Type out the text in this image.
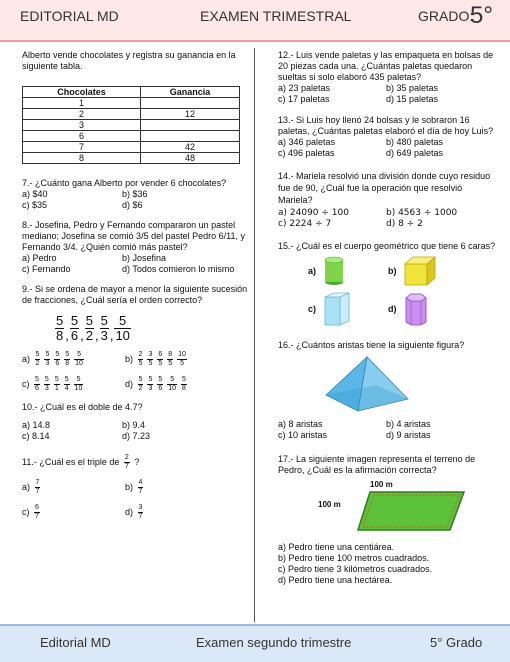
EDITORIAL MD	EXAMEN TRIMESTRAL	GRADO:
5°

Alberto vende chocolates y registra su ganancia en la siguiente tabla.

Chocolates	Ganancia
1	
2	12
3	
6	
7	42
8	48

7.- ¿Cuánto gana Alberto por vender 6 chocolates?

a) $40	b) $36
c) $35	d) $6

8.- Josefina, Pedro y Fernando compararon un pastel mediano; Josefina se comió 3/5 del pastel Pedro 6/11, y Fernando 3/4. ¿Quién comió más pastel?

a) Pedro	b) Josefina
c) Fernando	d) Todos comieron lo mismo

9.- Si se ordena de mayor a menor la siguiente sucesión de fracciones, ¿Cuál sería el orden correcto?

$\frac{5}{8}$ , $\frac{5}{6}$ , $\frac{5}{2}$ , $\frac{5}{3}$ , $\frac{5}{10}$
$a) \frac{5}{2} \frac{5}{3} \frac{5}{6} \frac{5}{8} \frac{5}{10}$	$b) \frac{2}{5} \frac{3}{5} \frac{6}{5} \frac{8}{5} \frac{10}{5}$
$c) \frac{5}{6} \frac{5}{3} \frac{5}{1} \frac{5}{4} \frac{5}{10}$	$d) \frac{5}{2} \frac{5}{3} \frac{5}{6} \frac{5}{10} \frac{5}{8}$

10.- ¿Cuál es el doble de 4.7?

a) 14.8	b) 9.4
c) 8.14	d) 7.23

11.- ¿Cuál es el triple de $\frac{2}{7}$ ?

$a) \frac{7}{7}$	$b) \frac{4}{7}$
$c) \frac{6}{7}$	$d) \frac{3}{7}$

12.- Luis vende paletas y las empaqueta en bolsas de 20 piezas cada una. ¿Cuántas paletas quedaron sueltas si solo elaboró 435 paletas?

a) 23 paletas	b) 35 paletas
c) 17 paletas	d) 15 paletas

13.- Si Luis hoy llenó 24 bolsas y le sobraron 16 paletas, ¿Cuántas paletas elaboró el día de hoy Luis?

a) 346 paletas	b) 480 paletas
c) 496 paletas	d) 649 paletas

14.- Mariela resolvió una división donde cuyo residuo fue de 90, ¿Cuál fue la operación que resolvió Mariela?

a) 24090 ÷ 100	b) 4563 ÷ 1000
c) 2224 ÷ 7	d) 8 ÷ 2

15.- ¿Cuál es el cuerpo geométrico que tiene 6 caras?

a)	b)
c)	d)

16.- ¿Cuántos aristas tiene la siguiente figura?

a) 8 aristas	b) 4 aristas
c) 10 aristas	d) 9 aristas

17.- La siguiente imagen representa el terreno de Pedro, ¿Cuál es la afirmación correcta?

100 m
100 m

a) Pedro tiene una centiárea.

b) Pedro tiene 100 metros cuadrados.

c) Pedro tiene 3 kilómetros cuadrados.

d) Pedro tiene una hectárea.

Editorial MD	Examen segundo trimestre	5° Grado
